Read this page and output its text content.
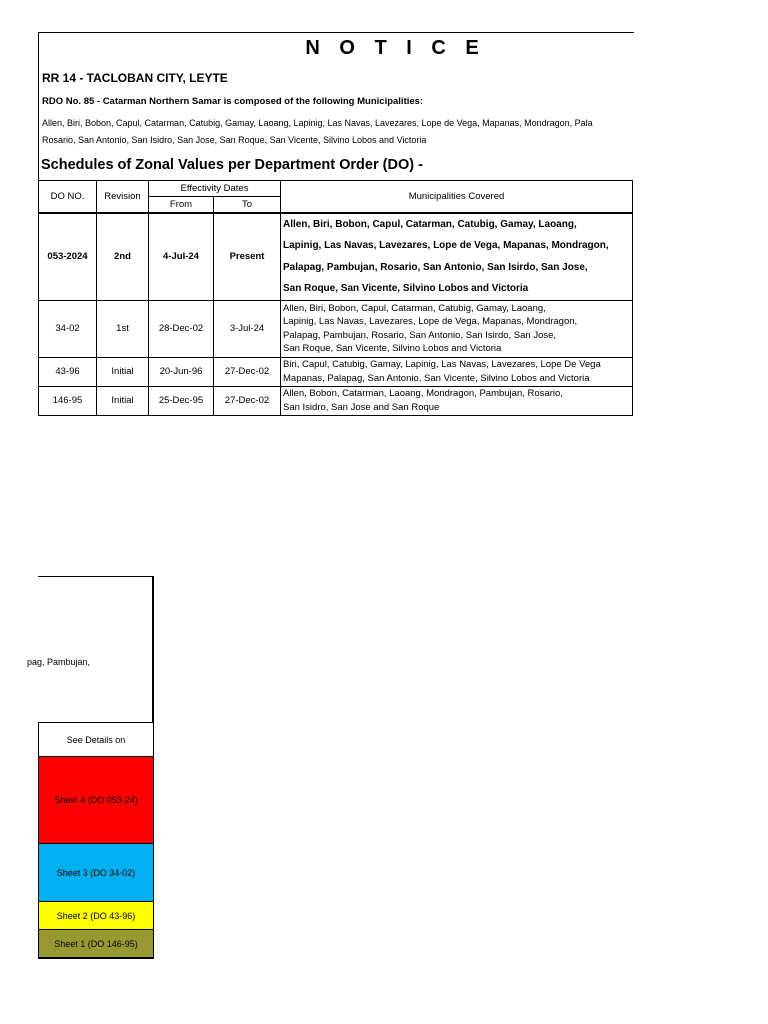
N O T I C E
RR 14 - TACLOBAN CITY, LEYTE
RDO No. 85 - Catarman Northern Samar is composed of the following Municipalities:
Allen, Biri, Bobon, Capul, Catarman, Catubig, Gamay, Laoang, Lapinig, Las Navas, Lavezares, Lope de Vega, Mapanas, Mondragon, Pala
Rosario, San Antonio, San Isidro, San Jose, San Roque, San Vicente, Silvino Lobos and Victoria
Schedules of Zonal Values per Department Order (DO) -
DO NO.	Revision	Effectivity Dates		Municipalities Covered
		From	To	
053-2024	2nd	4-Jul-24	Present	Allen, Biri, Bobon, Capul, Catarman, Catubig, Gamay, Laoang,
Lapinig, Las Navas, Lavezares, Lope de Vega, Mapanas, Mondragon,
Palapag, Pambujan, Rosario, San Antonio, San Isirdo, San Jose,
San Roque, San Vicente, Silvino Lobos and Victoria

34-02	1st	28-Dec-02	3-Jul-24	Allen, Biri, Bobon, Capul, Catarman, Catubig, Gamay, Laoang,
Lapinig, Las Navas, Lavezares, Lope de Vega, Mapanas, Mondragon,
Palapag, Pambujan, Rosario, San Antonio, San Isirdo, San Jose,
San Roque, San Vicente, Silvino Lobos and Victoria

43-96	Initial	20-Jun-96	27-Dec-02	Biri, Capul, Catubig, Gamay, Lapinig, Las Navas, Lavezares, Lope De Vega
Mapanas, Palapag, San Antonio, San Vicente, Silvino Lobos and Victoria

146-95	Initial	25-Dec-95	27-Dec-02	Allen, Bobon, Catarman, Laoang, Mondragon, Pambujan, Rosario,
San Isidro, San Jose and San Roque
pag, Pambujan,
See Details on
Sheet 4 (DO 053-24)
Sheet 3 (DO 34-02)
Sheet 2 (DO 43-96)
Sheet 1 (DO 146-95)
